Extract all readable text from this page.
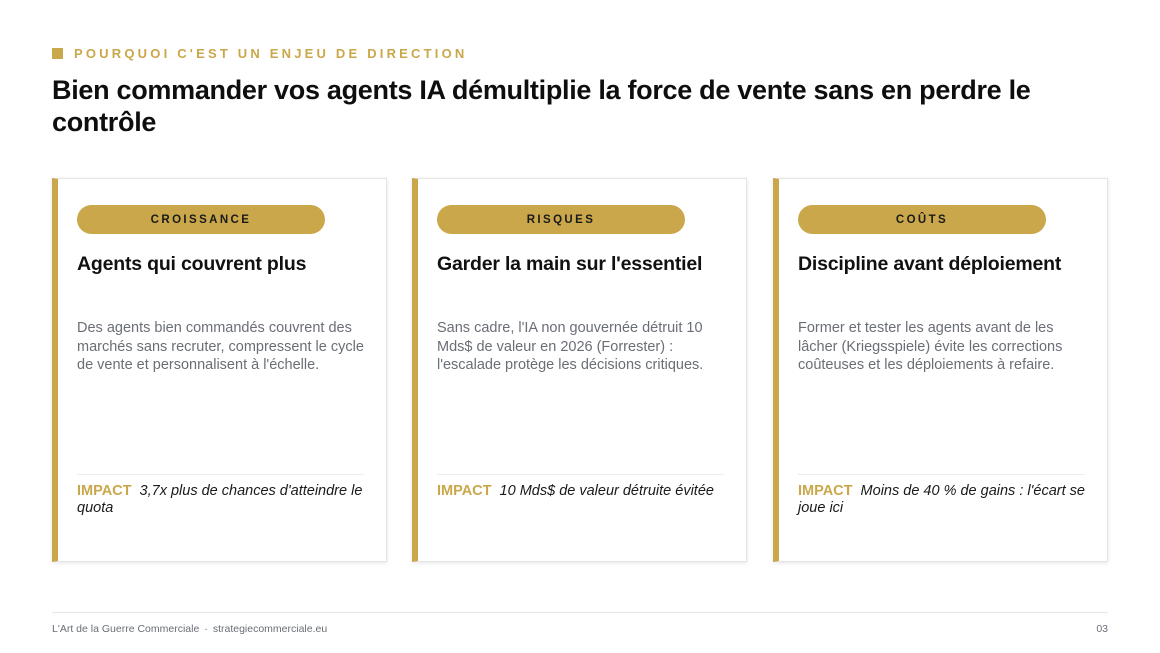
POURQUOI C'EST UN ENJEU DE DIRECTION
Bien commander vos agents IA démultiplie la force de vente sans en perdre le contrôle
CROISSANCE
Agents qui couvrent plus

Des agents bien commandés couvrent des marchés sans recruter, compressent le cycle de vente et personnalisent à l'échelle.

IMPACT 3,7x plus de chances d'atteindre le quota

RISQUES
Garder la main sur l'essentiel

Sans cadre, l'IA non gouvernée détruit 10 Mds$ de valeur en 2026 (Forrester) : l'escalade protège les décisions critiques.

IMPACT 10 Mds$ de valeur détruite évitée

COÛTS
Discipline avant déploiement

Former et tester les agents avant de les lâcher (Kriegsspiele) évite les corrections coûteuses et les déploiements à refaire.

IMPACT Moins de 40 % de gains : l'écart se joue ici

L'Art de la Guerre Commerciale · strategiecommerciale.eu	03
